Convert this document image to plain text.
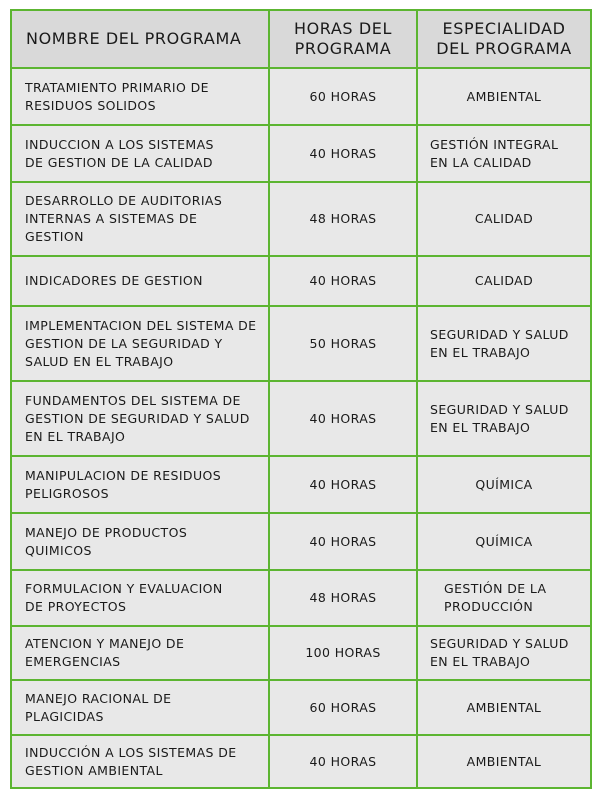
NOMBRE DEL PROGRAMA	HORAS DEL PROGRAMA	ESPECIALIDAD DEL PROGRAMA

TRATAMIENTO PRIMARIO DE RESIDUOS SOLIDOS	60 HORAS	AMBIENTAL

INDUCCION A LOS SISTEMAS DE GESTION DE LA CALIDAD	40 HORAS	GESTIÓN INTEGRAL EN LA CALIDAD

DESARROLLO DE AUDITORIAS INTERNAS A SISTEMAS DE GESTION	48 HORAS	CALIDAD

INDICADORES DE GESTION	40 HORAS	CALIDAD

IMPLEMENTACION DEL SISTEMA DE GESTION DE LA SEGURIDAD Y SALUD EN EL TRABAJO	50 HORAS	SEGURIDAD Y SALUD EN EL TRABAJO

FUNDAMENTOS DEL SISTEMA DE GESTION DE SEGURIDAD Y SALUD EN EL TRABAJO	40 HORAS	SEGURIDAD Y SALUD EN EL TRABAJO

MANIPULACION DE RESIDUOS PELIGROSOS	40 HORAS	QUÍMICA

MANEJO DE PRODUCTOS QUIMICOS	40 HORAS	QUÍMICA

FORMULACION Y EVALUACION DE PROYECTOS	48 HORAS	GESTIÓN DE LA PRODUCCIÓN

ATENCION Y MANEJO DE EMERGENCIAS	100 HORAS	SEGURIDAD Y SALUD EN EL TRABAJO

MANEJO RACIONAL DE PLAGICIDAS	60 HORAS	AMBIENTAL

INDUCCIÓN A LOS SISTEMAS DE GESTION AMBIENTAL	40 HORAS	AMBIENTAL
